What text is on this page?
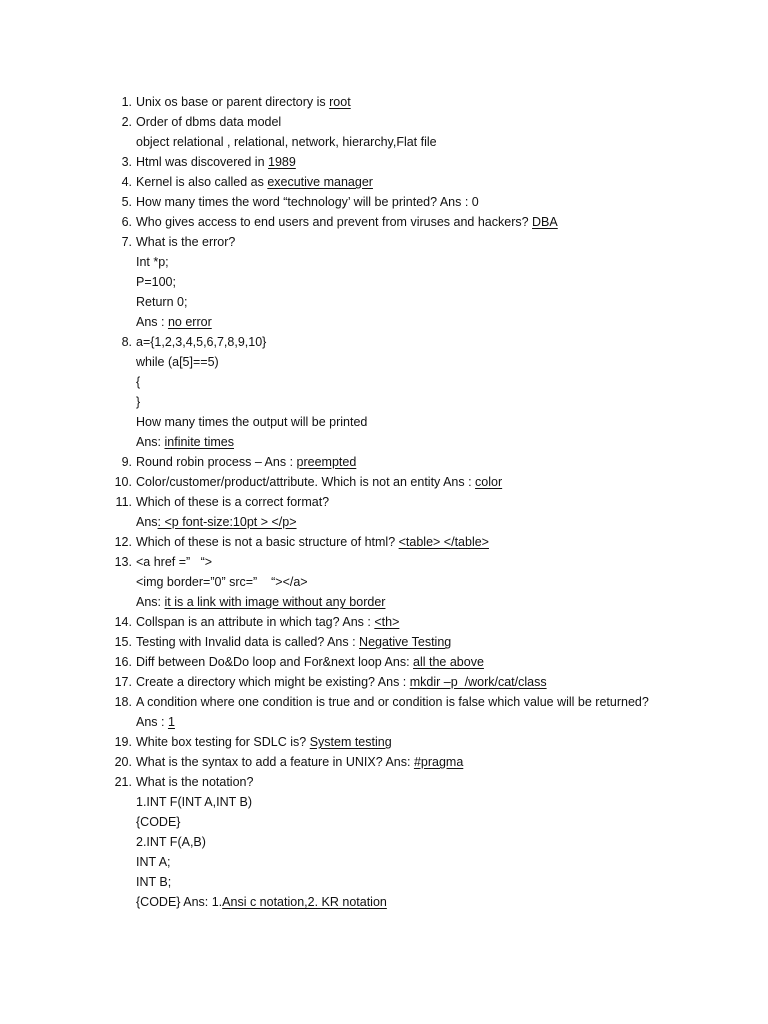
1. Unix os base or parent directory is root
2. Order of dbms data model
object relational , relational, network, hierarchy,Flat file
3. Html was discovered in 1989
4. Kernel is also called as executive manager
5. How many times the word “technology’ will be printed? Ans : 0
6. Who gives access to end users and prevent from viruses and hackers? DBA
7. What is the error?
Int *p;
P=100;
Return 0;
Ans : no error
8. a={1,2,3,4,5,6,7,8,9,10}
while (a[5]==5)
{
}
How many times the output will be printed
Ans: infinite times
9. Round robin process – Ans : preempted
10. Color/customer/product/attribute. Which is not an entity Ans : color
11. Which of these is a correct format?
Ans: <p font-size:10pt > </p>
12. Which of these is not a basic structure of html? <table> </table>
13. <a href =”   “>
<img border=”0” src=”    “></a>
Ans: it is a link with image without any border
14. Collspan is an attribute in which tag? Ans : <th>
15. Testing with Invalid data is called? Ans : Negative Testing
16. Diff between Do&Do loop and For&next loop Ans: all the above
17. Create a directory which might be existing? Ans : mkdir –p  /work/cat/class
18. A condition where one condition is true and or condition is false which value will be returned?
Ans : 1
19. White box testing for SDLC is? System testing
20. What is the syntax to add a feature in UNIX? Ans: #pragma
21. What is the notation?
1.INT F(INT A,INT B)
{CODE}
2.INT F(A,B)
INT A;
INT B;
{CODE} Ans: 1.Ansi c notation,2. KR notation
